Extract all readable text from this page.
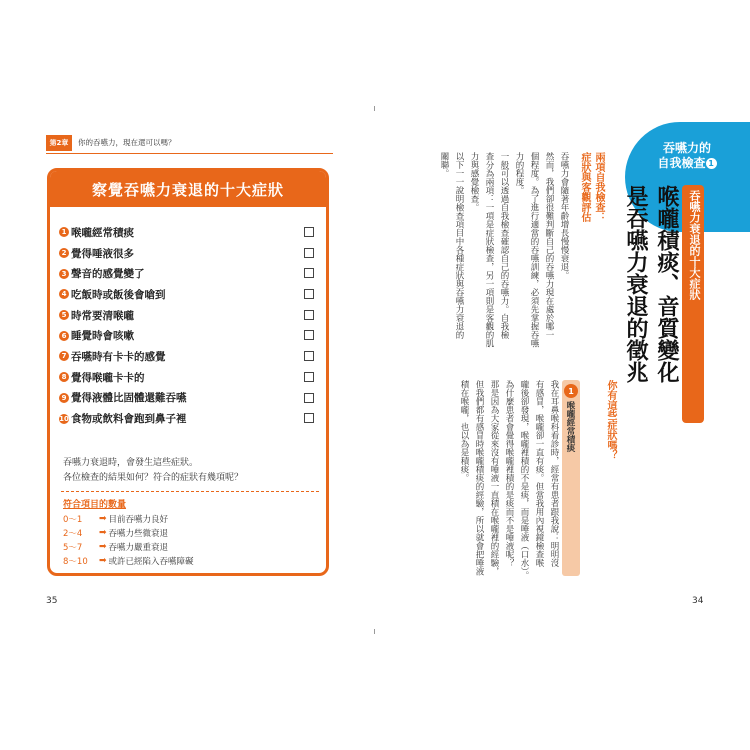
第2章	你的吞嚥力，現在還可以嗎？
察覺吞嚥力衰退的十大症狀
1 喉嚨經常積痰
2 覺得唾液很多
3 聲音的感覺變了
4 吃飯時或飯後會嗆到
5 時常要清喉嚨
6 睡覺時會咳嗽
7 吞嚥時有卡卡的感覺
8 覺得喉嚨卡卡的
9 覺得液體比固體還難吞嚥
10 食物或飲料會跑到鼻子裡
吞嚥力衰退時，會發生這些症狀。
各位檢查的結果如何？符合的症狀有幾項呢？
符合項目的數量
0～1	➡ 目前吞嚥力良好
2～4	➡ 吞嚥力些微衰退
5～7	➡ 吞嚥力嚴重衰退
8～10	➡ 或許已經陷入吞嚥障礙
35
吞嚥力的
自我檢查 1
吞嚥力衰退的十大症狀
喉嚨積痰、音質變化
是吞嚥力衰退的徵兆
你有這些症狀嗎？
兩項自我檢查：
症狀與客觀評估
吞嚥力會隨著年齡增長慢慢衰退。
然而，我們卻很難判斷自己的吞嚥力現在處於哪一
個程度。為了進行適當的吞嚥訓練，必須先掌握吞嚥
力的程度。
一般可以透過自我檢查確認自己的吞嚥力。自我檢
查分為兩項：一項是症狀檢查，另一項則是客觀的肌
力與感覺檢查。
以下一一說明檢查項目中各種症狀與吞嚥力衰退的
關聯。
1
喉嚨經常積痰
我在耳鼻喉科看診時，經常有患者跟我說：明明沒
有感冒，喉嚨卻一直有痰。但當我用內視鏡檢查喉
嚨後卻發現，喉嚨裡積的不是痰，而是唾液（口水）。
為什麼患者會覺得喉嚨裡積的是痰而不是唾液呢？
那是因為大家從來沒有唾液一直積在喉嚨裡的經驗，
但我們都有感冒時喉嚨積痰的經驗，所以就會把唾液
積在喉嚨，也以為是積痰。
34
